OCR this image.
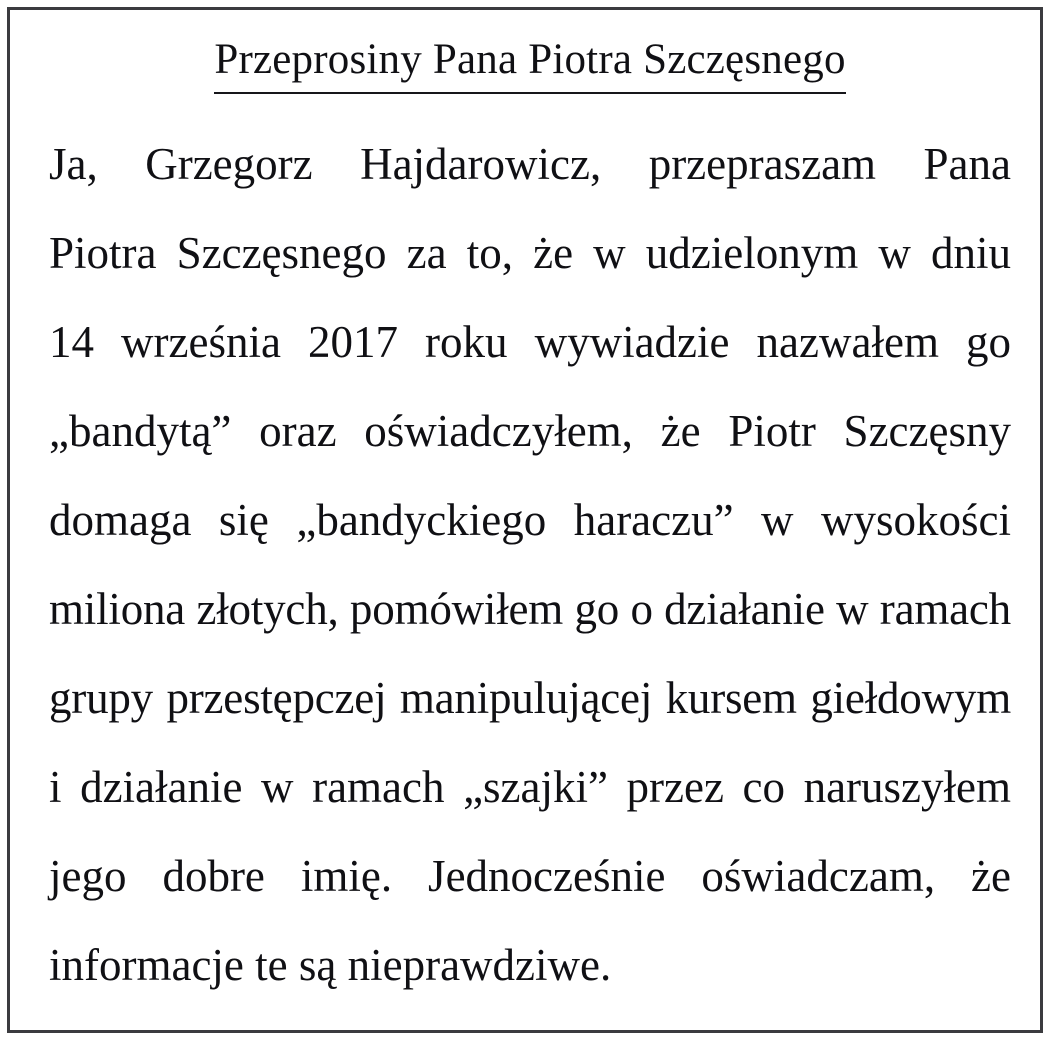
Przeprosiny Pana Piotra Szczęsnego
Ja, Grzegorz Hajdarowicz, przepraszam Pana
Piotra Szczęsnego za to, że w udzielonym w dniu
14 września 2017 roku wywiadzie nazwałem go
„bandytą” oraz oświadczyłem, że Piotr Szczęsny
domaga się „bandyckiego haraczu” w wysokości
miliona złotych, pomówiłem go o działanie w ramach
grupy przestępczej manipulującej kursem giełdowym
i działanie w ramach „szajki” przez co naruszyłem
jego dobre imię. Jednocześnie oświadczam, że
informacje te są nieprawdziwe.
